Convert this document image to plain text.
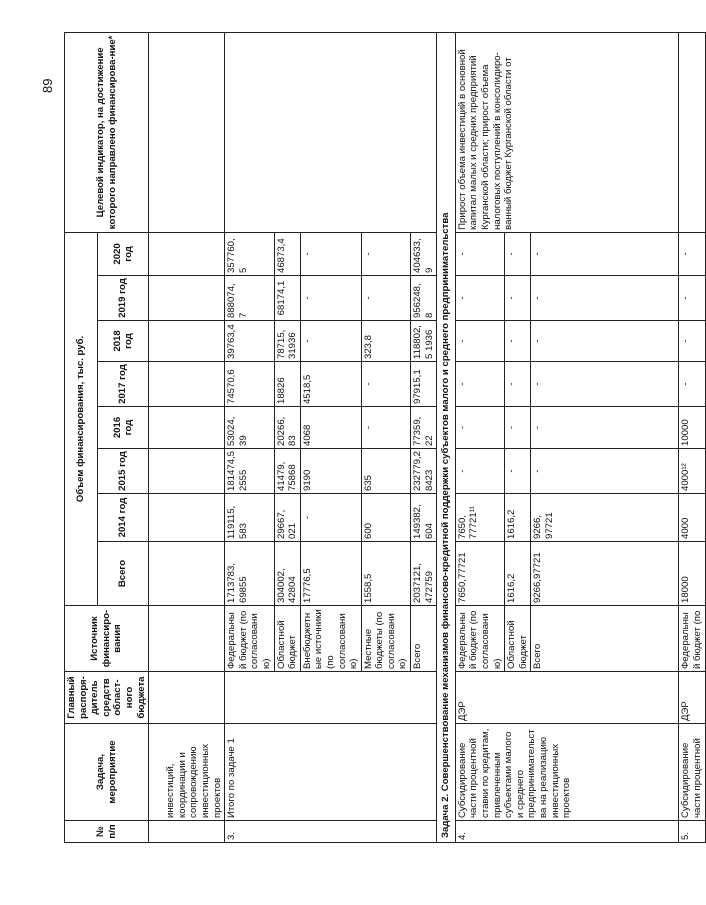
89
№ п/п	Задача, мероприятие	Главный распоря-дитель средств област-ного бюджета	Источник финансиро-вания	Объем финансирования, тыс. руб.								Целевой индикатор, на достижение которого направлено финансирова-ние*
				Всего	2014 год	2015 год	2016 год	2017 год	2018 год	2019 год	2020 год	
	инвестиций, координации и сопровождению инвестиционных проектов											
3.	Итого по задаче 1		Федеральный бюджет (по согласованию)	1713783, 69855	119115, 583	181474,5 2555	53024, 39	74570,6	39763,4	888074, 7	357760,5	
			Областной бюджет	304002, 42804	29667, 021	41479, 75868	20266, 83	18826	78715, 31936	68174,1	46873,4	
			Внебюджетные источники (по согласованию)	17776,5	-	9190	4068	4518,5	-	-	-	
			Местные бюджеты (по согласованию)	1558,5	600	635	-	-	323,8	-	-	
			Всего	2037121, 472759	149382, 604	232779,2 8423	77359, 22	97915,1	118802,5 1936	956248, 8	404633,9	
Задача 2. Совершенствование механизмов финансово-кредитной поддержки субъектов малого и среднего предпринимательства												
4.	Субсидирование части процентной ставки по кредитам, привлеченным субъектами малого и среднего предпринимательства на реализацию инвестиционных проектов	ДЭР	Федеральный бюджет (по согласованию)	7650,77721	7650, 77721¹¹	-	-	-	-	-	-	Прирост объема инвестиций в основной капитал малых и средних предприятий Курганской области; прирост объема налоговых поступлений в консолидиро-ванный бюджет Курганской области от
			Областной бюджет	1616,2	1616,2	-	-	-	-	-	-	
			Всего	9266,97721	9266, 97721	-	-	-	-	-	-	
5.	Субсидирование части процентной	ДЭР	Федеральный бюджет (по	18000	4000	4000¹²	10000	-	-	-	-	
